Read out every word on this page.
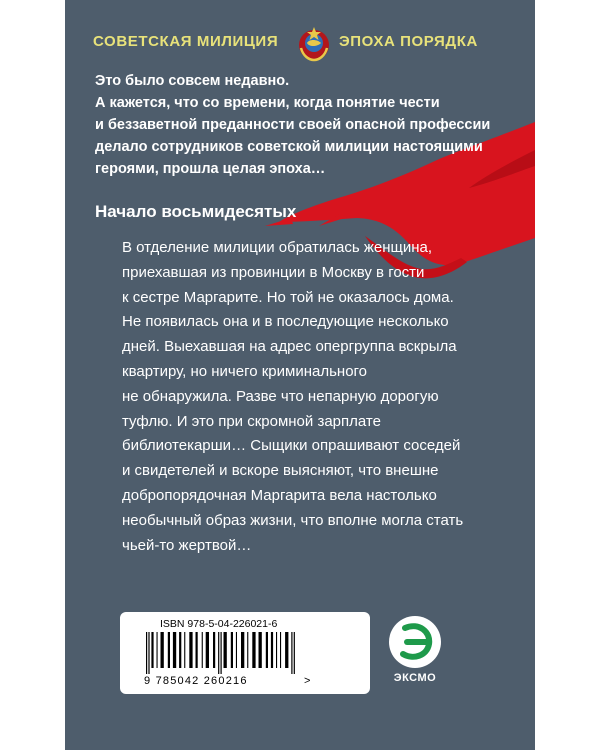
СОВЕТСКАЯ МИЛИЦИЯ	ЭПОХА ПОРЯДКА
Это было совсем недавно.
А кажется, что со времени, когда понятие чести
и беззаветной преданности своей опасной профессии
делало сотрудников советской милиции настоящими
героями, прошла целая эпоха…
Начало восьмидесятых
В отделение милиции обратилась женщина,
приехавшая из провинции в Москву в гости
к сестре Маргарите. Но той не оказалось дома.
Не появилась она и в последующие несколько
дней. Выехавшая на адрес опергруппа вскрыла
квартиру, но ничего криминального
не обнаружила. Разве что непарную дорогую
туфлю. И это при скромной зарплате
библиотекарши… Сыщики опрашивают соседей
и свидетелей и вскоре выясняют, что внешне
добропорядочная Маргарита вела настолько
необычный образ жизни, что вполне могла стать
чьей-то жертвой…
ISBN 978-5-04-226021-6
9 785042 260216	>	ЭКСМО
